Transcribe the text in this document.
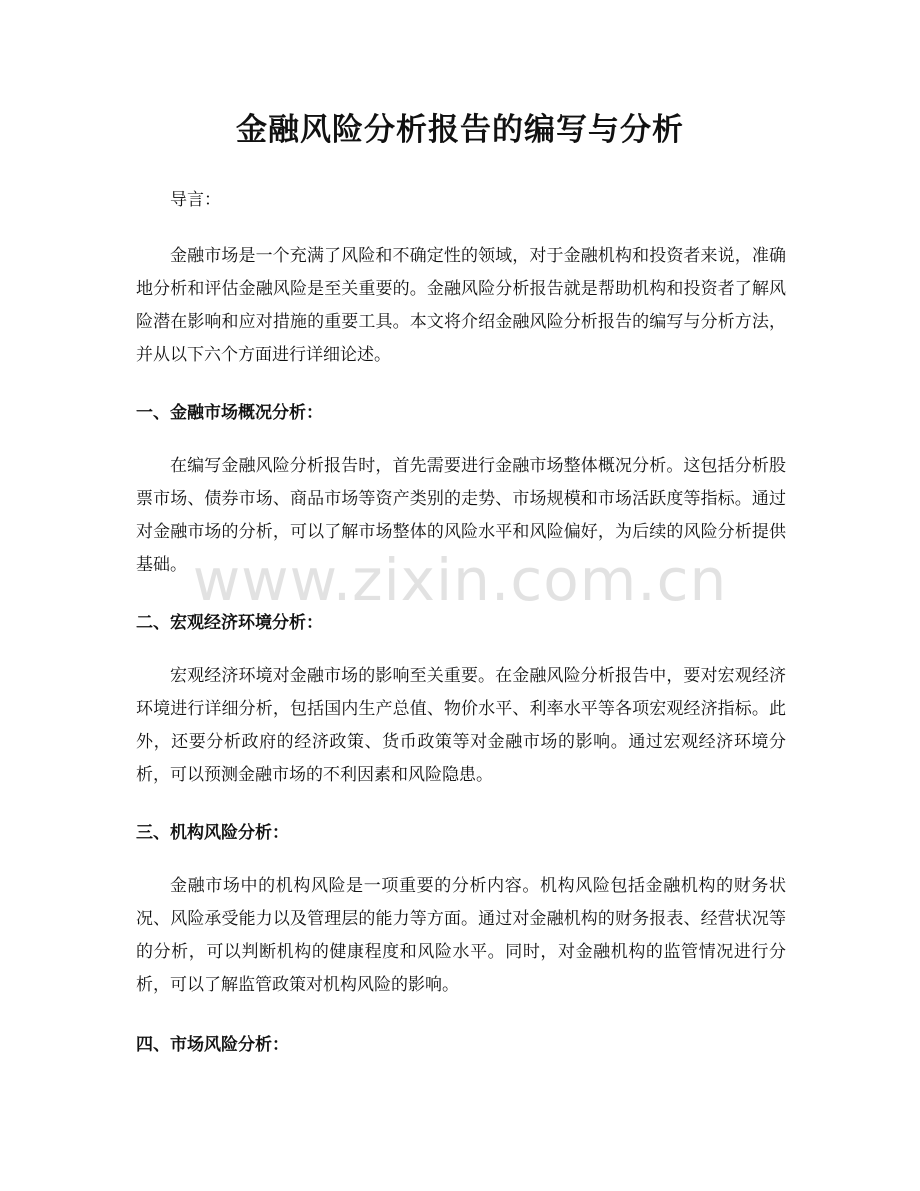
金融风险分析报告的编写与分析

导言：

金融市场是一个充满了风险和不确定性的领域，对于金融机构和投资者来说，准确地分析和评估金融风险是至关重要的。金融风险分析报告就是帮助机构和投资者了解风险潜在影响和应对措施的重要工具。本文将介绍金融风险分析报告的编写与分析方法，并从以下六个方面进行详细论述。

一、金融市场概况分析：

在编写金融风险分析报告时，首先需要进行金融市场整体概况分析。这包括分析股票市场、债券市场、商品市场等资产类别的走势、市场规模和市场活跃度等指标。通过对金融市场的分析，可以了解市场整体的风险水平和风险偏好，为后续的风险分析提供基础。

二、宏观经济环境分析：

宏观经济环境对金融市场的影响至关重要。在金融风险分析报告中，要对宏观经济环境进行详细分析，包括国内生产总值、物价水平、利率水平等各项宏观经济指标。此外，还要分析政府的经济政策、货币政策等对金融市场的影响。通过宏观经济环境分析，可以预测金融市场的不利因素和风险隐患。

三、机构风险分析：

金融市场中的机构风险是一项重要的分析内容。机构风险包括金融机构的财务状况、风险承受能力以及管理层的能力等方面。通过对金融机构的财务报表、经营状况等的分析，可以判断机构的健康程度和风险水平。同时，对金融机构的监管情况进行分析，可以了解监管政策对机构风险的影响。

四、市场风险分析：

www.zixin.com.cn
